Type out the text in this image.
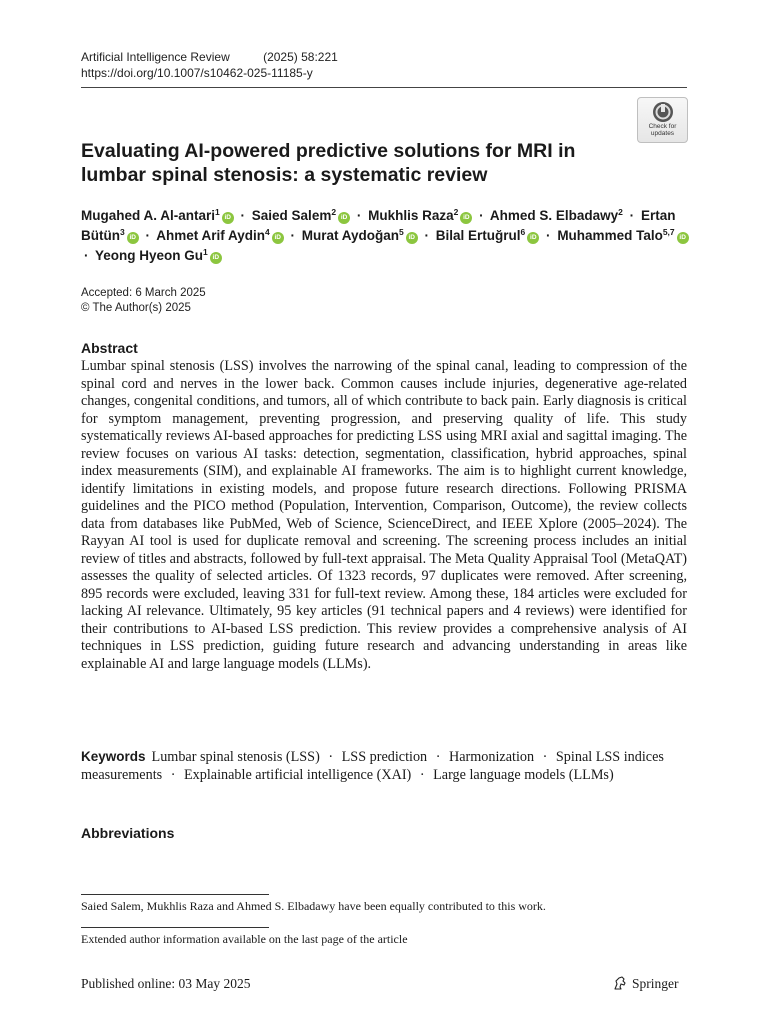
Artificial Intelligence Review	(2025) 58:221
https://doi.org/10.1007/s10462-025-11185-y
Check for
updates
Evaluating AI-powered predictive solutions for MRI in lumbar spinal stenosis: a systematic review
Mugahed A. Al-antari$^1$iD · Saied Salem$^2$iD · Mukhlis Raza$^2$iD · Ahmed S. Elbadawy$^2$ · Ertan Bütün$^3$iD · Ahmet Arif Aydin$^4$iD · Murat Aydoğan$^5$iD · Bilal Ertuğrul$^6$iD · Muhammed Talo$^{5,7}$iD · Yeong Hyeon Gu$^1$iD
Accepted: 6 March 2025
© The Author(s) 2025
Abstract

Lumbar spinal stenosis (LSS) involves the narrowing of the spinal canal, leading to compression of the spinal cord and nerves in the lower back. Common causes include injuries, degenerative age-related changes, congenital conditions, and tumors, all of which contribute to back pain. Early diagnosis is critical for symptom management, preventing progression, and preserving quality of life. This study systematically reviews AI-based approaches for predicting LSS using MRI axial and sagittal imaging. The review focuses on various AI tasks: detection, segmentation, classification, hybrid approaches, spinal index measurements (SIM), and explainable AI frameworks. The aim is to highlight current knowledge, identify limitations in existing models, and propose future research directions. Following PRISMA guidelines and the PICO method (Population, Intervention, Comparison, Outcome), the review collects data from databases like PubMed, Web of Science, ScienceDirect, and IEEE Xplore (2005–2024). The Rayyan AI tool is used for duplicate removal and screening. The screening process includes an initial review of titles and abstracts, followed by full-text appraisal. The Meta Quality Appraisal Tool (MetaQAT) assesses the quality of selected articles. Of 1323 records, 97 duplicates were removed. After screening, 895 records were excluded, leaving 331 for full-text review. Among these, 184 articles were excluded for lacking AI relevance. Ultimately, 95 key articles (91 technical papers and 4 reviews) were identified for their contributions to AI-based LSS prediction. This review provides a comprehensive analysis of AI techniques in LSS prediction, guiding future research and advancing understanding in areas like explainable AI and large language models (LLMs).

Keywords Lumbar spinal stenosis (LSS) · LSS prediction · Harmonization · Spinal LSS indices measurements · Explainable artificial intelligence (XAI) · Large language models (LLMs)
Abbreviations
Saied Salem, Mukhlis Raza and Ahmed S. Elbadawy have been equally contributed to this work.
Extended author information available on the last page of the article
Published online: 03 May 2025	Springer
